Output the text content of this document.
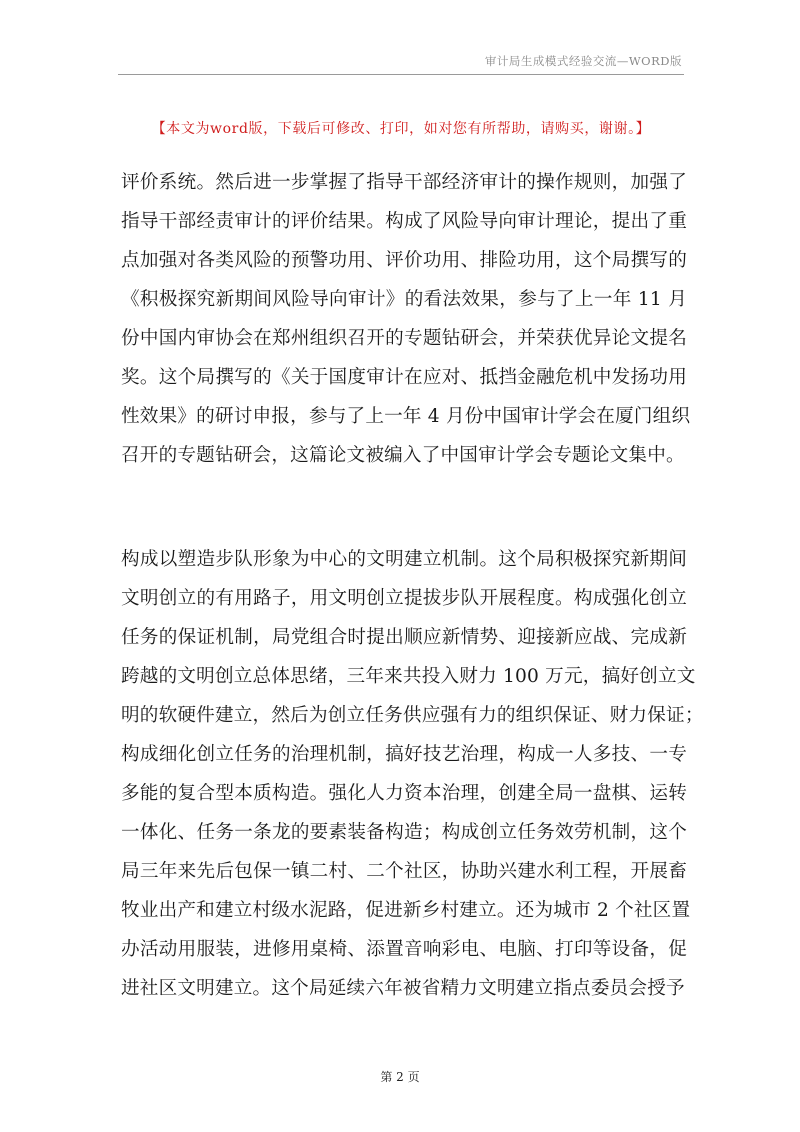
审计局生成模式经验交流—WORD版
【本文为word版，下载后可修改、打印，如对您有所帮助，请购买，谢谢。】
评价系统。然后进一步掌握了指导干部经济审计的操作规则，加强了
指导干部经责审计的评价结果。构成了风险导向审计理论，提出了重
点加强对各类风险的预警功用、评价功用、排险功用，这个局撰写的
《积极探究新期间风险导向审计》的看法效果，参与了上一年 11 月
份中国内审协会在郑州组织召开的专题钻研会，并荣获优异论文提名
奖。这个局撰写的《关于国度审计在应对、抵挡金融危机中发扬功用
性效果》的研讨申报，参与了上一年 4 月份中国审计学会在厦门组织
召开的专题钻研会，这篇论文被编入了中国审计学会专题论文集中。
构成以塑造步队形象为中心的文明建立机制。这个局积极探究新期间
文明创立的有用路子，用文明创立提拔步队开展程度。构成强化创立
任务的保证机制，局党组合时提出顺应新情势、迎接新应战、完成新
跨越的文明创立总体思绪，三年来共投入财力 100 万元，搞好创立文
明的软硬件建立，然后为创立任务供应强有力的组织保证、财力保证；
构成细化创立任务的治理机制，搞好技艺治理，构成一人多技、一专
多能的复合型本质构造。强化人力资本治理，创建全局一盘棋、运转
一体化、任务一条龙的要素装备构造；构成创立任务效劳机制，这个
局三年来先后包保一镇二村、二个社区，协助兴建水利工程，开展畜
牧业出产和建立村级水泥路，促进新乡村建立。还为城市 2 个社区置
办活动用服装，进修用桌椅、添置音响彩电、电脑、打印等设备，促
进社区文明建立。这个局延续六年被省精力文明建立指点委员会授予
第 2 页
